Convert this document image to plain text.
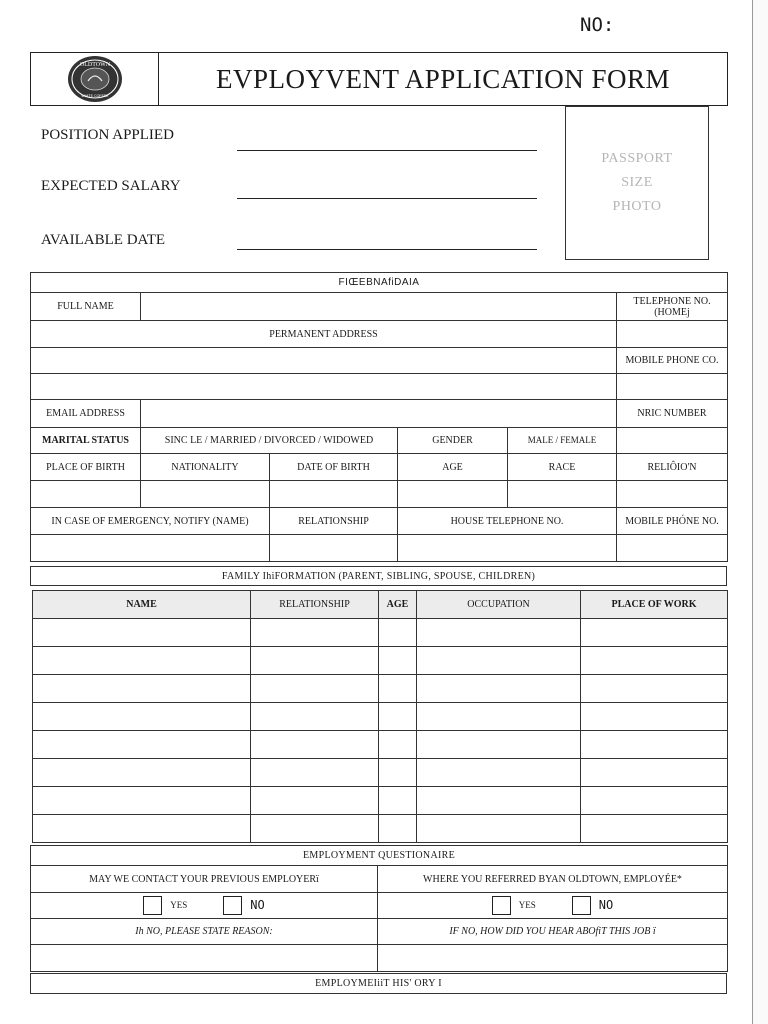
NO:
OLDTOWN
WHITE COFFEE
EVPLOYVENT APPLICATION FORM
POSITION APPLIED
EXPECTED SALARY
AVAILABLE DATE
PASSPORT
SIZE
PHOTO
FIŒEBNAfiDAIA					
FULL NAME					TELEPHONE NO. (HOMEj
PERMANENT ADDRESS					
					MOBILE PHONE CO.

EMAIL ADDRESS					NRIC NUMBER
MARITAL STATUS	SINC LE / MARRIED / DIVORCED / WIDOWED		GENDER	MALE / FEMALE	
PLACE OF BIRTH	NATIONALITY	DATE OF BIRTH	AGE	RACE	RELIÔIO'N

IN CASE OF EMERGENCY, NOTIFY (NAME)		RELATIONSHIP	HOUSE TELEPHONE NO.		MOBILE PHÓNE NO.

FAMILY IhiFORMATION (PARENT, SIBLING, SPOUSE, CHILDREN)
NAME	RELATIONSHIP	AGE	OCCUPATION	PLACE OF WORK

EMPLOYMENT QUESTIONAIRE	
MAY WE CONTACT YOUR PREVIOUS EMPLOYERï	WHERE YOU REFERRED BYAN OLDTOWN, EMPLOYÉE*
YES NO	YES NO
Ih NO, PLEASE STATE REASON:	IF NO, HOW DID YOU HEAR ABOfiT THIS JOB ï

EMPLOYMEIiiT HIS' ORY I
